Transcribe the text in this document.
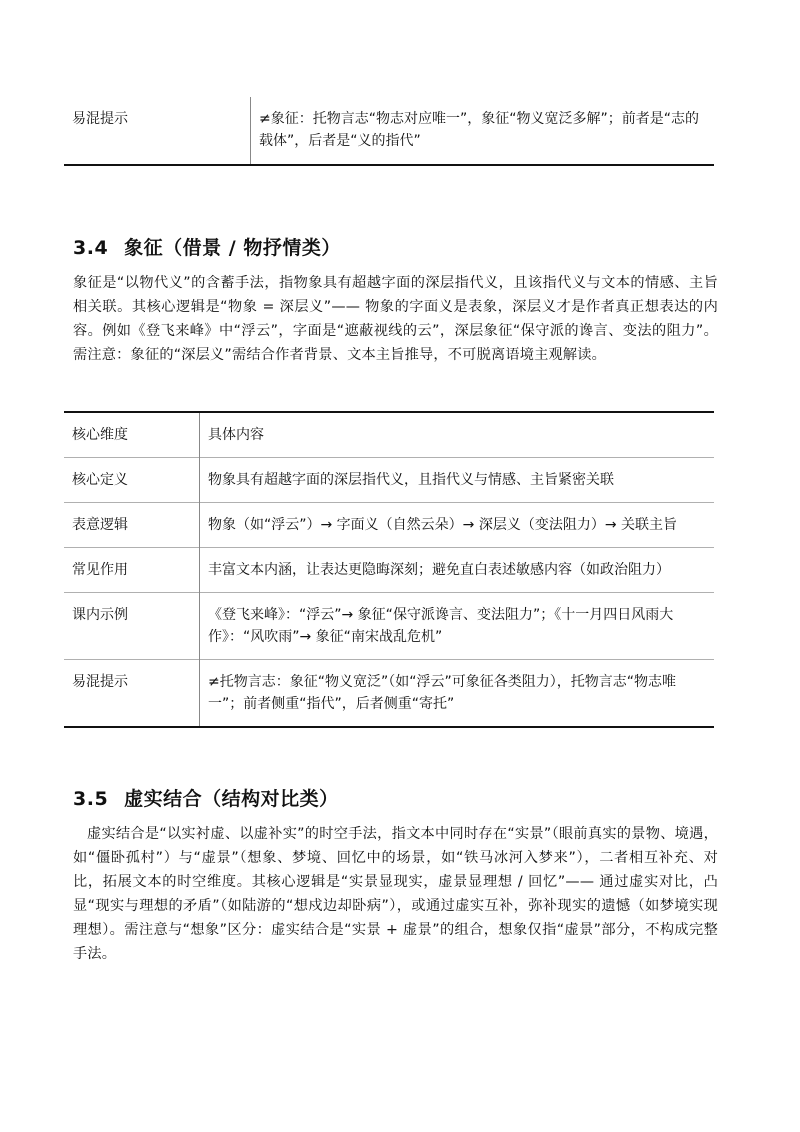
易混提示	≠象征：托物言志“物志对应唯一”，象征“物义宽泛多解”；前者是“志的载体”，后者是“义的指代”
3.4 象征（借景 / 物抒情类）

象征是“以物代义”的含蓄手法，指物象具有超越字面的深层指代义，且该指代义与文本的情感、主旨相关联。其核心逻辑是“物象 = 深层义”—— 物象的字面义是表象，深层义才是作者真正想表达的内容。例如《登飞来峰》中“浮云”，字面是“遮蔽视线的云”，深层象征“保守派的谗言、变法的阻力”。需注意：象征的“深层义”需结合作者背景、文本主旨推导，不可脱离语境主观解读。

核心维度	具体内容
核心定义	物象具有超越字面的深层指代义，且指代义与情感、主旨紧密关联
表意逻辑	物象（如“浮云”）→ 字面义（自然云朵）→ 深层义（变法阻力）→ 关联主旨
常见作用	丰富文本内涵，让表达更隐晦深刻；避免直白表述敏感内容（如政治阻力）
课内示例	《登飞来峰》：“浮云”→ 象征“保守派谗言、变法阻力”；《十一月四日风雨大作》：“风吹雨”→ 象征“南宋战乱危机”
易混提示	≠托物言志：象征“物义宽泛”（如“浮云”可象征各类阻力），托物言志“物志唯一”；前者侧重“指代”，后者侧重“寄托”
3.5 虚实结合（结构对比类）

虚实结合是“以实衬虚、以虚补实”的时空手法，指文本中同时存在“实景”（眼前真实的景物、境遇，如“僵卧孤村”）与“虚景”（想象、梦境、回忆中的场景，如“铁马冰河入梦来”），二者相互补充、对比，拓展文本的时空维度。其核心逻辑是“实景显现实，虚景显理想 / 回忆”—— 通过虚实对比，凸显“现实与理想的矛盾”（如陆游的“想戍边却卧病”），或通过虚实互补，弥补现实的遗憾（如梦境实现理想）。需注意与“想象”区分：虚实结合是“实景 + 虚景”的组合，想象仅指“虚景”部分，不构成完整手法。
